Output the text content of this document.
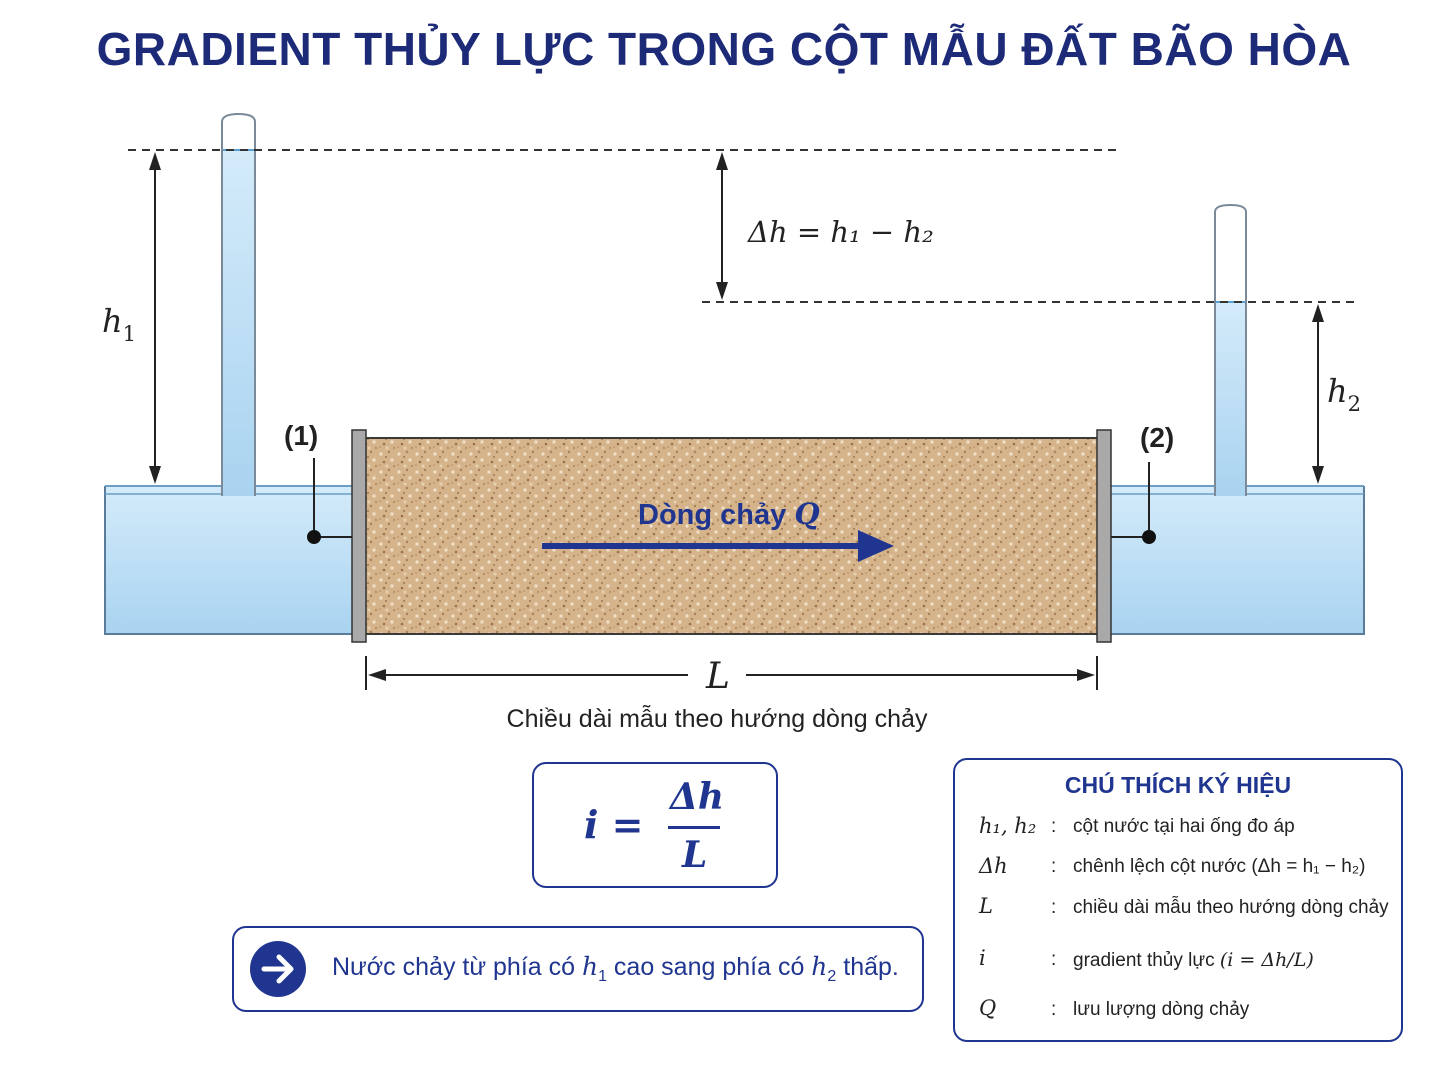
GRADIENT THỦY LỰC TRONG CỘT MẪU ĐẤT BÃO HÒA
$h_1$
$h_2$
Δh = h₁ − h₂
(1)	(2)
Dòng chảy Q
L
Chiều dài mẫu theo hướng dòng chảy
i =
Δh
L
Nước chảy từ phía có $h_1$ cao sang phía có $h_2$ thấp.
CHÚ THÍCH KÝ HIỆU
h₁, h₂ : cột nước tại hai ống đo áp
Δh : chênh lệch cột nước (Δh = h₁ − h₂)
L	: chiều dài mẫu theo hướng dòng chảy
i	: gradient thủy lực (i = Δh/L)
Q	: lưu lượng dòng chảy
